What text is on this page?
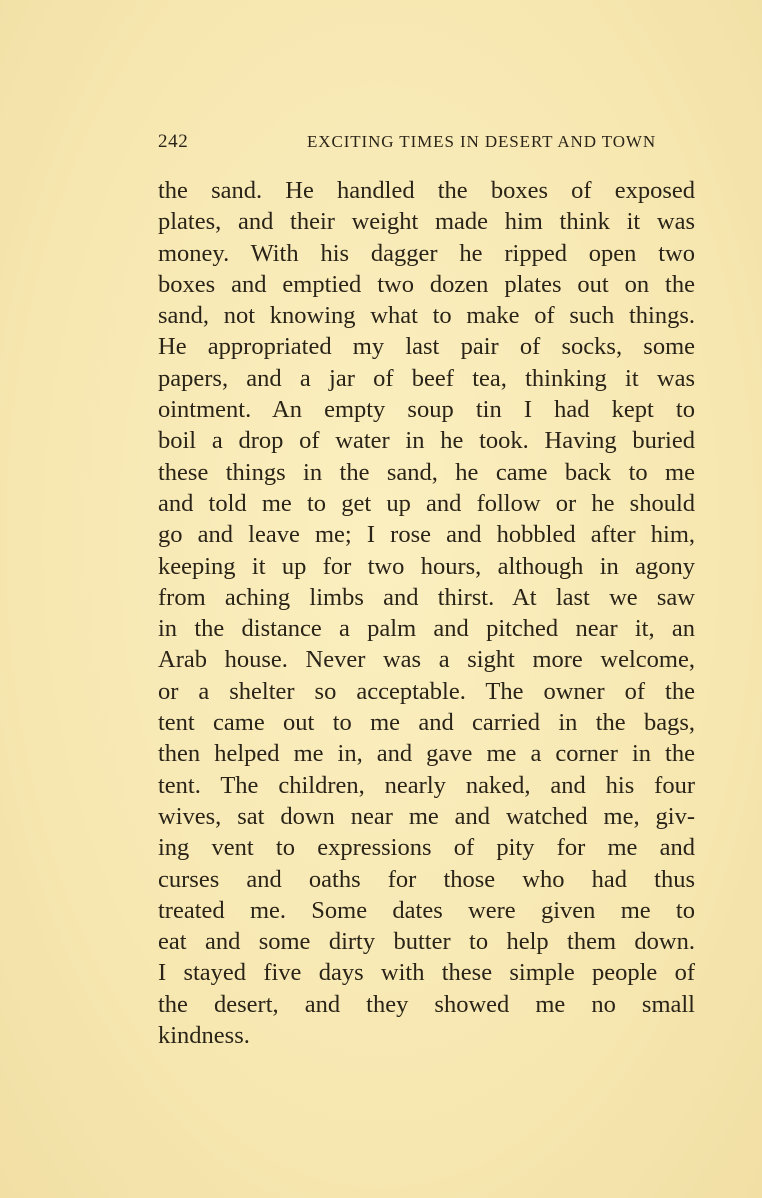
242	EXCITING TIMES IN DESERT AND TOWN
the sand. He handled the boxes of exposed
plates, and their weight made him think it was
money. With his dagger he ripped open two
boxes and emptied two dozen plates out on the
sand, not knowing what to make of such things.
He appropriated my last pair of socks, some
papers, and a jar of beef tea, thinking it was
ointment. An empty soup tin I had kept to
boil a drop of water in he took. Having buried
these things in the sand, he came back to me
and told me to get up and follow or he should
go and leave me; I rose and hobbled after him,
keeping it up for two hours, although in agony
from aching limbs and thirst. At last we saw
in the distance a palm and pitched near it, an
Arab house. Never was a sight more welcome,
or a shelter so acceptable. The owner of the
tent came out to me and carried in the bags,
then helped me in, and gave me a corner in the
tent. The children, nearly naked, and his four
wives, sat down near me and watched me, giv-
ing vent to expressions of pity for me and
curses and oaths for those who had thus
treated me. Some dates were given me to
eat and some dirty butter to help them down.
I stayed five days with these simple people of
the desert, and they showed me no small
kindness.
